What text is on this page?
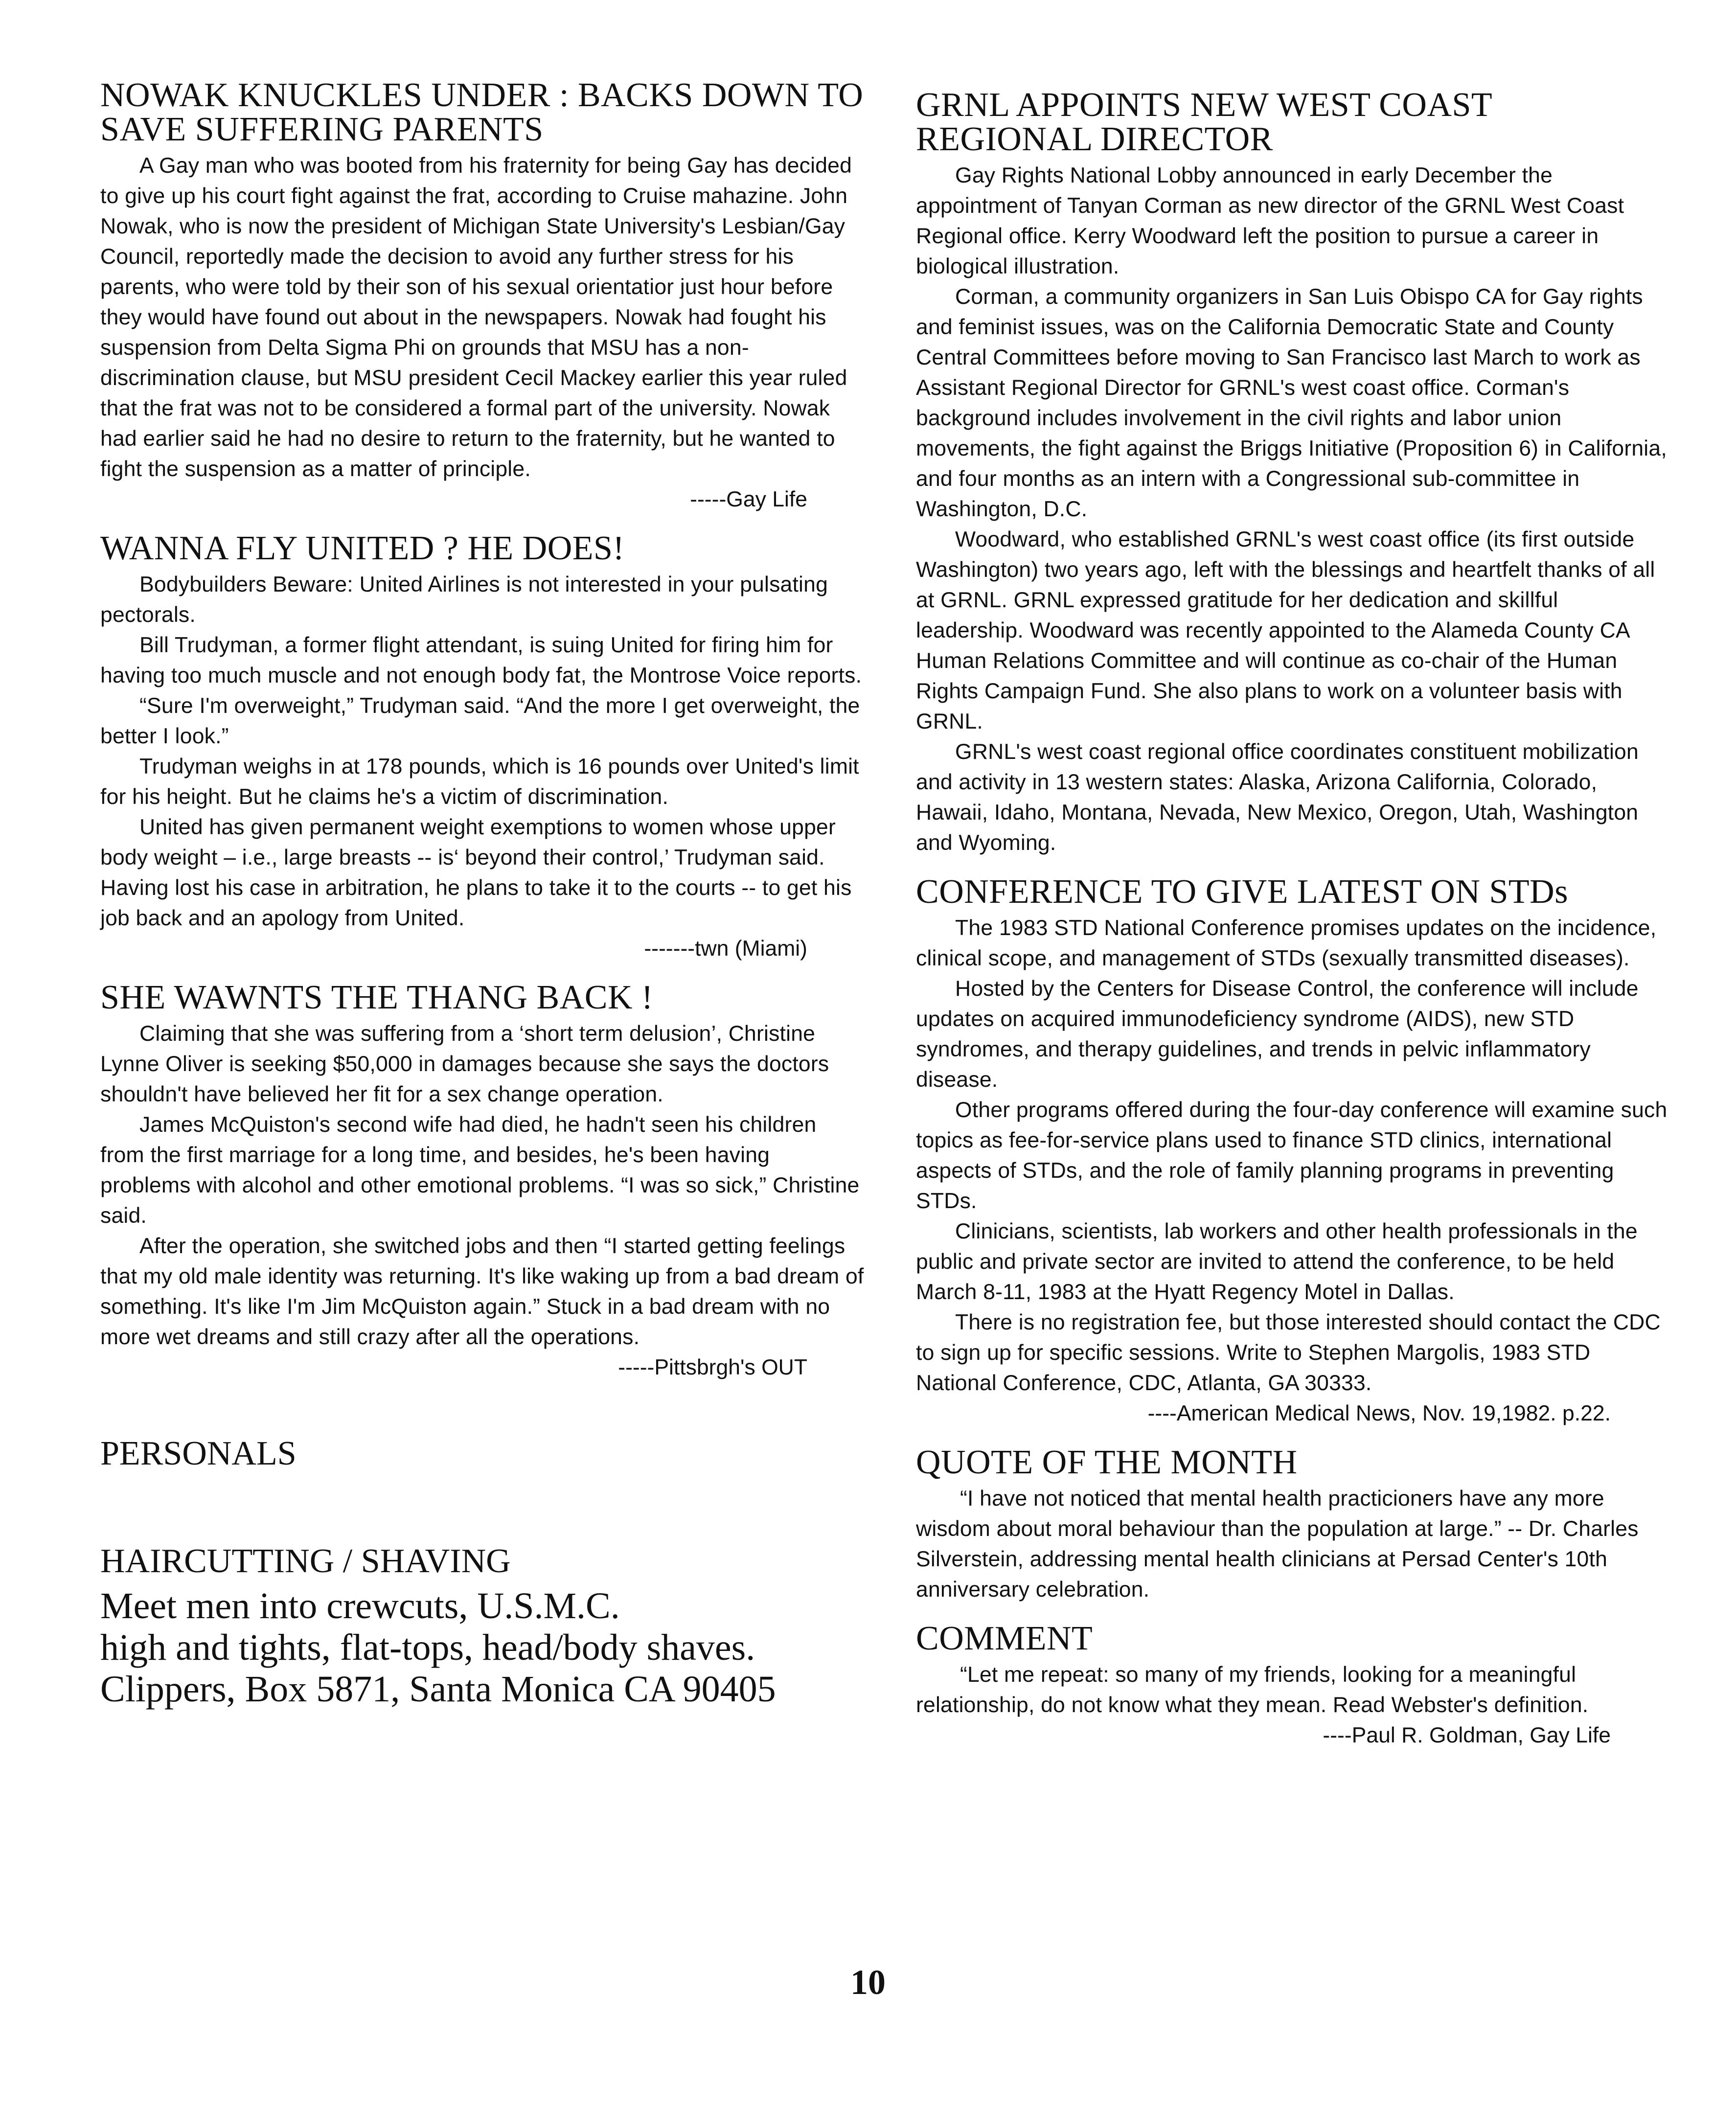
NOWAK KNUCKLES UNDER : BACKS DOWN TO SAVE SUFFERING PARENTS

A Gay man who was booted from his fraternity for being Gay has decided to give up his court fight against the frat, according to Cruise mahazine. John Nowak, who is now the president of Michigan State University's Lesbian/Gay Council, reportedly made the decision to avoid any further stress for his parents, who were told by their son of his sexual orientatior just hour before they would have found out about in the newspapers. Nowak had fought his suspension from Delta Sigma Phi on grounds that MSU has a non-discrimination clause, but MSU president Cecil Mackey earlier this year ruled that the frat was not to be considered a formal part of the university. Nowak had earlier said he had no desire to return to the fraternity, but he wanted to fight the suspension as a matter of principle.

-----Gay Life
WANNA FLY UNITED ? HE DOES!

Bodybuilders Beware: United Airlines is not interested in your pulsating pectorals.

Bill Trudyman, a former flight attendant, is suing United for firing him for having too much muscle and not enough body fat, the Montrose Voice reports.

“Sure I'm overweight,” Trudyman said. “And the more I get overweight, the better I look.”

Trudyman weighs in at 178 pounds, which is 16 pounds over United's limit for his height. But he claims he's a victim of discrimination.

United has given permanent weight exemptions to women whose upper body weight – i.e., large breasts -- is‘ beyond their control,’ Trudyman said. Having lost his case in arbitration, he plans to take it to the courts -- to get his job back and an apology from United.

-------twn (Miami)
SHE WAWNTS THE THANG BACK !

Claiming that she was suffering from a ‘short term delusion’, Christine Lynne Oliver is seeking $50,000 in damages because she says the doctors shouldn't have believed her fit for a sex change operation.

James McQuiston's second wife had died, he hadn't seen his children from the first marriage for a long time, and besides, he's been having problems with alcohol and other emotional problems. “I was so sick,” Christine said.

After the operation, she switched jobs and then “I started getting feelings that my old male identity was returning. It's like waking up from a bad dream of something. It's like I'm Jim McQuiston again.” Stuck in a bad dream with no more wet dreams and still crazy after all the operations.

-----Pittsbrgh's OUT
PERSONALS
HAIRCUTTING / SHAVING
Meet men into crewcuts, U.S.M.C.
high and tights, flat-tops, head/body shaves.
Clippers, Box 5871, Santa Monica CA 90405
GRNL APPOINTS NEW WEST COAST REGIONAL DIRECTOR

Gay Rights National Lobby announced in early December the appointment of Tanyan Corman as new director of the GRNL West Coast Regional office. Kerry Woodward left the position to pursue a career in biological illustration.

Corman, a community organizers in San Luis Obispo CA for Gay rights and feminist issues, was on the California Democratic State and County Central Committees before moving to San Francisco last March to work as Assistant Regional Director for GRNL's west coast office. Corman's background includes involvement in the civil rights and labor union movements, the fight against the Briggs Initiative (Proposition 6) in California, and four months as an intern with a Congressional sub-committee in Washington, D.C.

Woodward, who established GRNL's west coast office (its first outside Washington) two years ago, left with the blessings and heartfelt thanks of all at GRNL. GRNL expressed gratitude for her dedication and skillful leadership. Woodward was recently appointed to the Alameda County CA Human Relations Committee and will continue as co-chair of the Human Rights Campaign Fund. She also plans to work on a volunteer basis with GRNL.

GRNL's west coast regional office coordinates constituent mobilization and activity in 13 western states: Alaska, Arizona California, Colorado, Hawaii, Idaho, Montana, Nevada, New Mexico, Oregon, Utah, Washington and Wyoming.

CONFERENCE TO GIVE LATEST ON STDs

The 1983 STD National Conference promises updates on the incidence, clinical scope, and management of STDs (sexually transmitted diseases).

Hosted by the Centers for Disease Control, the conference will include updates on acquired immunodeficiency syndrome (AIDS), new STD syndromes, and therapy guidelines, and trends in pelvic inflammatory disease.

Other programs offered during the four-day conference will examine such topics as fee-for-service plans used to finance STD clinics, international aspects of STDs, and the role of family planning programs in preventing STDs.

Clinicians, scientists, lab workers and other health professionals in the public and private sector are invited to attend the conference, to be held March 8-11, 1983 at the Hyatt Regency Motel in Dallas.

There is no registration fee, but those interested should contact the CDC to sign up for specific sessions. Write to Stephen Margolis, 1983 STD National Conference, CDC, Atlanta, GA 30333.

----American Medical News, Nov. 19,1982. p.22.
QUOTE OF THE MONTH

“I have not noticed that mental health practicioners have any more wisdom about moral behaviour than the population at large.” -- Dr. Charles Silverstein, addressing mental health clinicians at Persad Center's 10th anniversary celebration.

COMMENT

“Let me repeat: so many of my friends, looking for a meaningful relationship, do not know what they mean. Read Webster's definition.

----Paul R. Goldman, Gay Life
10
